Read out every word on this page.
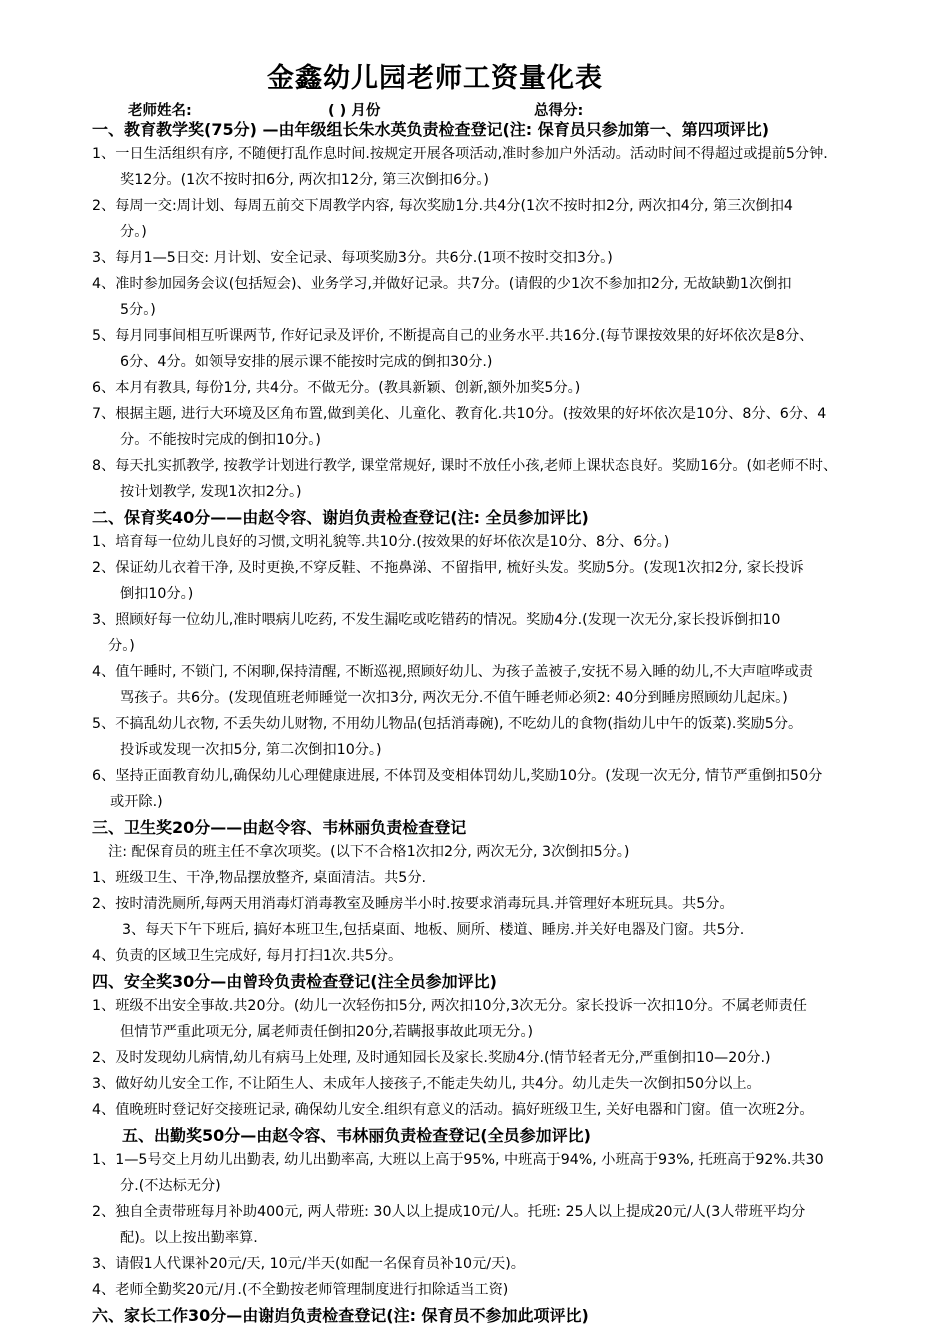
金鑫幼儿园老师工资量化表
老师姓名:	( ) 月份	总得分:
一、教育教学奖(75分) —由年级组长朱水英负责检查登记(注: 保育员只参加第一、第四项评比)
1、一日生活组织有序, 不随便打乱作息时间.按规定开展各项活动,准时参加户外活动。活动时间不得超过或提前5分钟.
奖12分。(1次不按时扣6分, 两次扣12分, 第三次倒扣6分。)
2、每周一交:周计划、每周五前交下周教学内容, 每次奖励1分.共4分(1次不按时扣2分, 两次扣4分, 第三次倒扣4
分。)
3、每月1—5日交: 月计划、安全记录、每项奖励3分。共6分.(1项不按时交扣3分。)
4、准时参加园务会议(包括短会)、业务学习,并做好记录。共7分。(请假的少1次不参加扣2分, 无故缺勤1次倒扣
5分。)
5、每月同事间相互听课两节, 作好记录及评价, 不断提高自己的业务水平.共16分.(每节课按效果的好坏依次是8分、
6分、4分。如领导安排的展示课不能按时完成的倒扣30分.)
6、本月有教具, 每份1分, 共4分。不做无分。(教具新颖、创新,额外加奖5分。)
7、根据主题, 进行大环境及区角布置,做到美化、儿童化、教育化.共10分。(按效果的好坏依次是10分、8分、6分、4
分。不能按时完成的倒扣10分。)
8、每天扎实抓教学, 按教学计划进行教学, 课堂常规好, 课时不放任小孩,老师上课状态良好。奖励16分。(如老师不时、
按计划教学, 发现1次扣2分。)
二、保育奖40分——由赵令容、谢岿负责检查登记(注: 全员参加评比)
1、培育每一位幼儿良好的习惯,文明礼貌等.共10分.(按效果的好坏依次是10分、8分、6分。)
2、保证幼儿衣着干净, 及时更换,不穿反鞋、不拖鼻涕、不留指甲, 梳好头发。奖励5分。(发现1次扣2分, 家长投诉
倒扣10分。)
3、照顾好每一位幼儿,准时喂病儿吃药, 不发生漏吃或吃错药的情况。奖励4分.(发现一次无分,家长投诉倒扣10
分。)
4、值午睡时, 不锁门, 不闲聊,保持清醒, 不断巡视,照顾好幼儿、为孩子盖被子,安抚不易入睡的幼儿,不大声喧哗或责
骂孩子。共6分。(发现值班老师睡觉一次扣3分, 两次无分.不值午睡老师必须2: 40分到睡房照顾幼儿起床。)
5、不搞乱幼儿衣物, 不丢失幼儿财物, 不用幼儿物品(包括消毒碗), 不吃幼儿的食物(指幼儿中午的饭菜).奖励5分。
投诉或发现一次扣5分, 第二次倒扣10分。)
6、坚持正面教育幼儿,确保幼儿心理健康进展, 不体罚及变相体罚幼儿,奖励10分。(发现一次无分, 情节严重倒扣50分
或开除.)
三、卫生奖20分——由赵令容、韦林丽负责检查登记
注: 配保育员的班主任不拿次项奖。(以下不合格1次扣2分, 两次无分, 3次倒扣5分。)
1、班级卫生、干净,物品摆放整齐, 桌面清洁。共5分.
2、按时清洗厕所,每两天用消毒灯消毒教室及睡房半小时.按要求消毒玩具.并管理好本班玩具。共5分。
3、每天下午下班后, 搞好本班卫生,包括桌面、地板、厕所、楼道、睡房.并关好电器及门窗。共5分.
4、负责的区域卫生完成好, 每月打扫1次.共5分。
四、安全奖30分—由曾玲负责检查登记(注全员参加评比)
1、班级不出安全事故.共20分。(幼儿一次轻伤扣5分, 两次扣10分,3次无分。家长投诉一次扣10分。不属老师责任
但情节严重此项无分, 属老师责任倒扣20分,若瞒报事故此项无分。)
2、及时发现幼儿病情,幼儿有病马上处理, 及时通知园长及家长.奖励4分.(情节轻者无分,严重倒扣10—20分.)
3、做好幼儿安全工作, 不让陌生人、未成年人接孩子,不能走失幼儿, 共4分。幼儿走失一次倒扣50分以上。
4、值晚班时登记好交接班记录, 确保幼儿安全.组织有意义的活动。搞好班级卫生, 关好电器和门窗。值一次班2分。
五、出勤奖50分—由赵令容、韦林丽负责检查登记(全员参加评比)
1、1—5号交上月幼儿出勤表, 幼儿出勤率高, 大班以上高于95%, 中班高于94%, 小班高于93%, 托班高于92%.共30
分.(不达标无分)
2、独自全责带班每月补助400元, 两人带班: 30人以上提成10元/人。托班: 25人以上提成20元/人(3人带班平均分
配)。以上按出勤率算.
3、请假1人代课补20元/天, 10元/半天(如配一名保育员补10元/天)。
4、老师全勤奖20元/月.(不全勤按老师管理制度进行扣除适当工资)
六、家长工作30分—由谢岿负责检查登记(注: 保育员不参加此项评比)
